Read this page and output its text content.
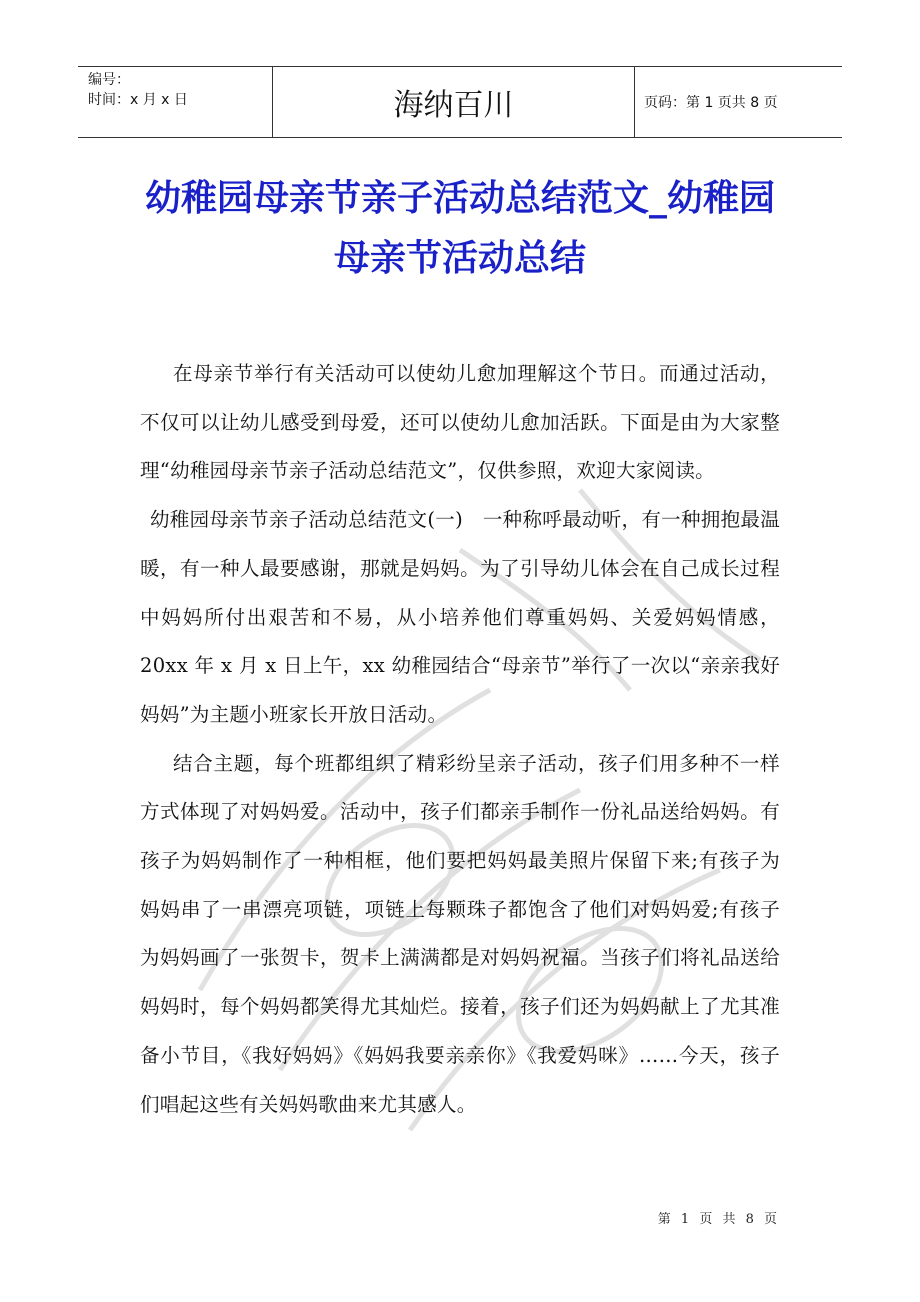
编号：
时间：x 月 x 日	海纳百川	页码：第 1 页共 8 页
幼稚园母亲节亲子活动总结范文_幼稚园母亲节活动总结

在母亲节举行有关活动可以使幼儿愈加理解这个节日。而通过活动，不仅可以让幼儿感受到母爱，还可以使幼儿愈加活跃。下面是由为大家整理“幼稚园母亲节亲子活动总结范文”，仅供参照，欢迎大家阅读。

幼稚园母亲节亲子活动总结范文(一)　一种称呼最动听，有一种拥抱最温暖，有一种人最要感谢，那就是妈妈。为了引导幼儿体会在自己成长过程中妈妈所付出艰苦和不易，从小培养他们尊重妈妈、关爱妈妈情感，20xx 年 x 月 x 日上午，xx 幼稚园结合“母亲节”举行了一次以“亲亲我好妈妈”为主题小班家长开放日活动。

结合主题，每个班都组织了精彩纷呈亲子活动，孩子们用多种不一样方式体现了对妈妈爱。活动中，孩子们都亲手制作一份礼品送给妈妈。有孩子为妈妈制作了一种相框，他们要把妈妈最美照片保留下来;有孩子为妈妈串了一串漂亮项链，项链上每颗珠子都饱含了他们对妈妈爱;有孩子为妈妈画了一张贺卡，贺卡上满满都是对妈妈祝福。当孩子们将礼品送给妈妈时，每个妈妈都笑得尤其灿烂。接着，孩子们还为妈妈献上了尤其准备小节目，《我好妈妈》《妈妈我要亲亲你》《我爱妈咪》……今天，孩子们唱起这些有关妈妈歌曲来尤其感人。

第 1 页 共 8 页
